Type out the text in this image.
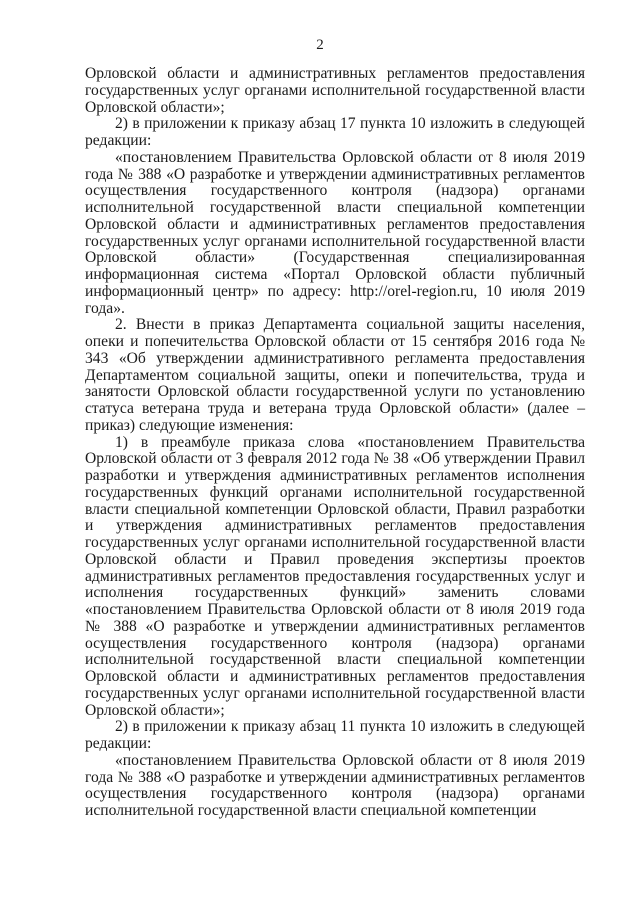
2

Орловской области и административных регламентов предоставления государственных услуг органами исполнительной государственной власти Орловской области»;

2) в приложении к приказу абзац 17 пункта 10 изложить в следующей редакции:

«постановлением Правительства Орловской области от 8 июля 2019 года № 388 «О разработке и утверждении административных регламентов осуществления государственного контроля (надзора) органами исполнительной государственной власти специальной компетенции Орловской области и административных регламентов предоставления государственных услуг органами исполнительной государственной власти Орловской области» (Государственная специализированная информационная система «Портал Орловской области публичный информационный центр» по адресу: http://orel-region.ru, 10 июля 2019 года».

2. Внести в приказ Департамента социальной защиты населения, опеки и попечительства Орловской области от 15 сентября 2016 года № 343 «Об утверждении административного регламента предоставления Департаментом социальной защиты, опеки и попечительства, труда и занятости Орловской области государственной услуги по установлению статуса ветерана труда и ветерана труда Орловской области» (далее – приказ) следующие изменения:

1) в преамбуле приказа слова «постановлением Правительства Орловской области от 3 февраля 2012 года № 38 «Об утверждении Правил разработки и утверждения административных регламентов исполнения государственных функций органами исполнительной государственной власти специальной компетенции Орловской области, Правил разработки и утверждения административных регламентов предоставления государственных услуг органами исполнительной государственной власти Орловской области и Правил проведения экспертизы проектов административных регламентов предоставления государственных услуг и исполнения государственных функций» заменить словами «постановлением Правительства Орловской области от 8 июля 2019 года № 388 «О разработке и утверждении административных регламентов осуществления государственного контроля (надзора) органами исполнительной государственной власти специальной компетенции Орловской области и административных регламентов предоставления государственных услуг органами исполнительной государственной власти Орловской области»;

2) в приложении к приказу абзац 11 пункта 10 изложить в следующей редакции:

«постановлением Правительства Орловской области от 8 июля 2019 года № 388 «О разработке и утверждении административных регламентов осуществления государственного контроля (надзора) органами исполнительной государственной власти специальной компетенции
